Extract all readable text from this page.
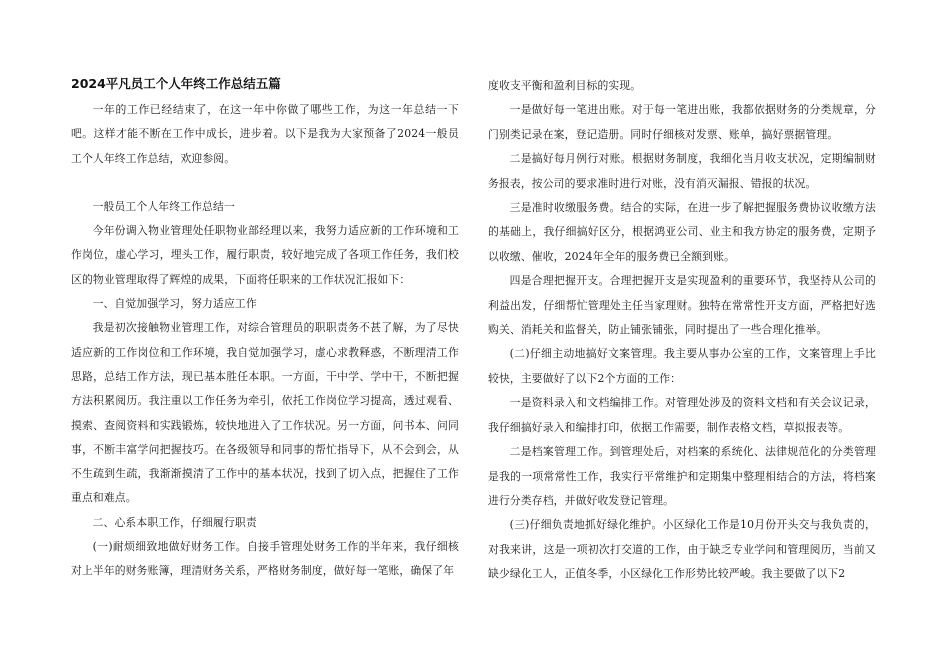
2024平凡员工个人年终工作总结五篇

一年的工作已经结束了，在这一年中你做了哪些工作，为这一年总结一下吧。这样才能不断在工作中成长，进步着。以下是我为大家预备了2024一般员工个人年终工作总结，欢迎参阅。

一般员工个人年终工作总结一

今年份调入物业管理处任职物业部经理以来，我努力适应新的工作环境和工作岗位，虚心学习，埋头工作，履行职责，较好地完成了各项工作任务，我们校区的物业管理取得了辉煌的成果，下面将任职来的工作状况汇报如下：

一、自觉加强学习，努力适应工作

我是初次接触物业管理工作，对综合管理员的职职责务不甚了解，为了尽快适应新的工作岗位和工作环境，我自觉加强学习，虚心求教释惑，不断理清工作思路，总结工作方法，现已基本胜任本职。一方面，干中学、学中干，不断把握方法积累阅历。我注重以工作任务为牵引，依托工作岗位学习提高，透过观看、摸索、查阅资料和实践锻炼，较快地进入了工作状况。另一方面，问书本、问同事，不断丰富学问把握技巧。在各级领导和同事的帮忙指导下，从不会到会，从不生疏到生疏，我渐渐摸清了工作中的基本状况，找到了切入点，把握住了工作重点和难点。

二、心系本职工作，仔细履行职责

(一)耐烦细致地做好财务工作。自接手管理处财务工作的半年来，我仔细核对上半年的财务账簿，理清财务关系，严格财务制度，做好每一笔账，确保了年

度收支平衡和盈利目标的实现。

一是做好每一笔进出账。对于每一笔进出账，我都依据财务的分类规章，分门别类记录在案，登记造册。同时仔细核对发票、账单，搞好票据管理。

二是搞好每月例行对账。根据财务制度，我细化当月收支状况，定期编制财务报表，按公司的要求准时进行对账，没有消灭漏报、错报的状况。

三是准时收缴服务费。结合的实际，在进一步了解把握服务费协议收缴方法的基础上，我仔细搞好区分，根据鸿亚公司、业主和我方协定的服务费，定期予以收缴、催收，2024年全年的服务费已全额到账。

四是合理把握开支。合理把握开支是实现盈利的重要环节，我坚持从公司的利益出发，仔细帮忙管理处主任当家理财。独特在常常性开支方面，严格把好选购关、消耗关和监督关，防止铺张铺张，同时提出了一些合理化推举。

(二)仔细主动地搞好文案管理。我主要从事办公室的工作，文案管理上手比较快，主要做好了以下2个方面的工作：

一是资料录入和文档编排工作。对管理处涉及的资料文档和有关会议记录，我仔细搞好录入和编排打印，依据工作需要，制作表格文档，草拟报表等。

二是档案管理工作。到管理处后，对档案的系统化、法律规范化的分类管理是我的一项常常性工作，我实行平常维护和定期集中整理相结合的方法，将档案进行分类存档，并做好收发登记管理。

(三)仔细负责地抓好绿化维护。小区绿化工作是10月份开头交与我负责的，对我来讲，这是一项初次打交道的工作，由于缺乏专业学问和管理阅历，当前又缺少绿化工人，正值冬季，小区绿化工作形势比较严峻。我主要做了以下2
